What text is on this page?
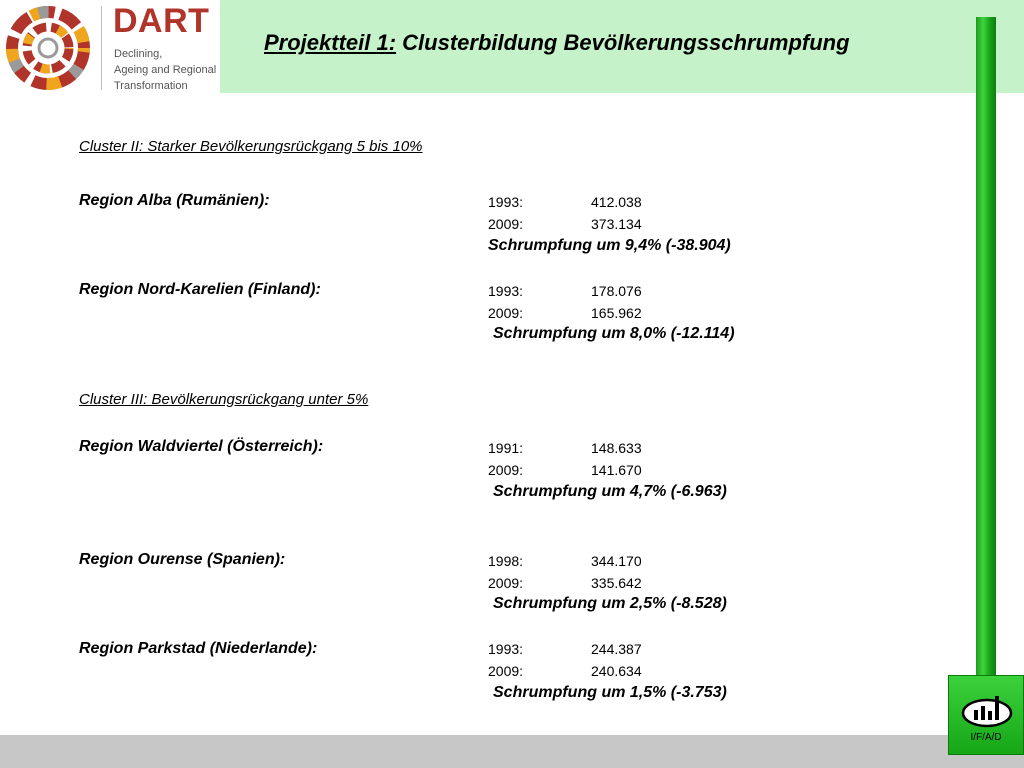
DART
Declining,
Ageing and Regional
Transformation
Projektteil 1: Clusterbildung Bevölkerungsschrumpfung
Cluster II: Starker Bevölkerungsrückgang 5 bis 10%
Region Alba (Rumänien):	1993:	412.038
2009:	373.134
Schrumpfung um 9,4% (-38.904)
Region Nord-Karelien (Finland):	1993:	178.076
2009:	165.962
Schrumpfung um 8,0% (-12.114)
Cluster III: Bevölkerungsrückgang unter 5%
Region Waldviertel (Österreich):	1991:	148.633
2009:	141.670
Schrumpfung um 4,7% (-6.963)
Region Ourense (Spanien):	1998:	344.170
2009:	335.642
Schrumpfung um 2,5% (-8.528)
Region Parkstad (Niederlande):	1993:	244.387
2009:	240.634
Schrumpfung um 1,5% (-3.753)
I/F/A/D
